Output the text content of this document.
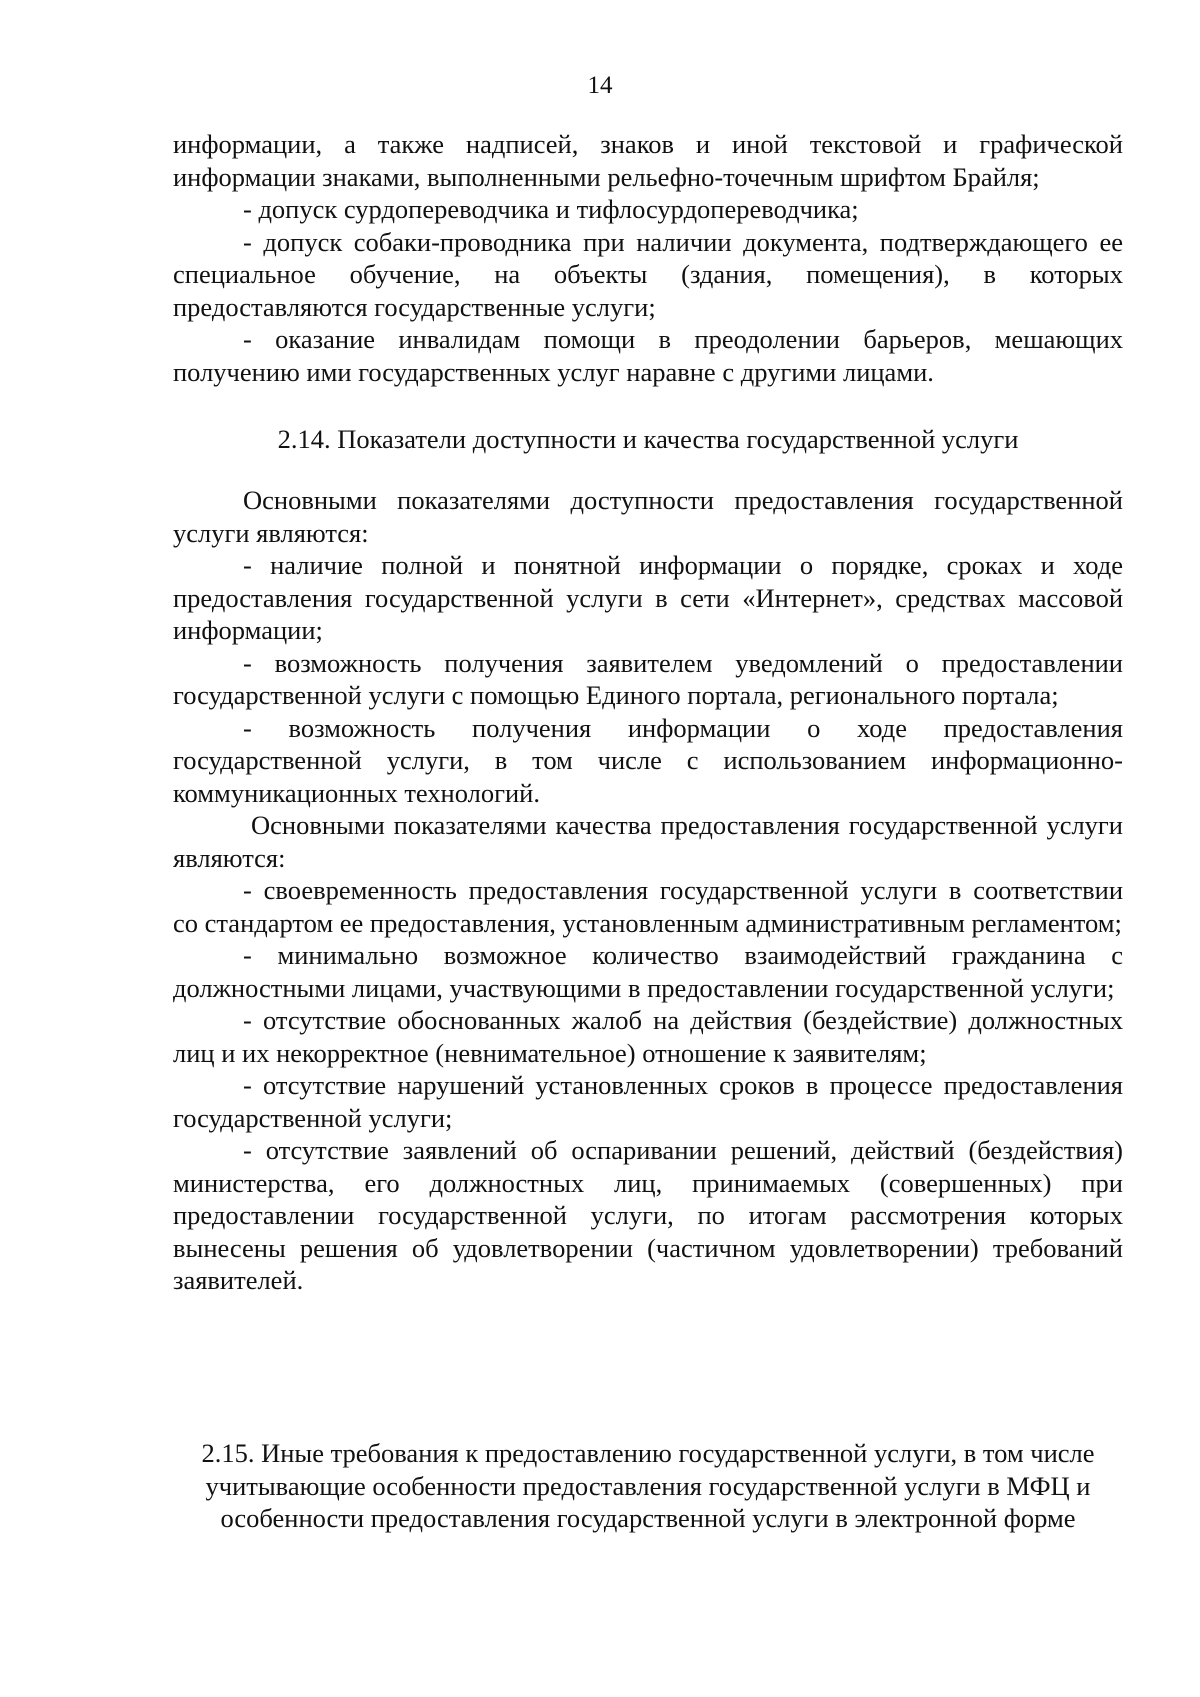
14

информации, а также надписей, знаков и иной текстовой и графической информации знаками, выполненными рельефно-точечным шрифтом Брайля;

- допуск сурдопереводчика и тифлосурдопереводчика;

- допуск собаки-проводника при наличии документа, подтверждающего ее специальное обучение, на объекты (здания, помещения), в которых предоставляются государственные услуги;

- оказание инвалидам помощи в преодолении барьеров, мешающих получению ими государственных услуг наравне с другими лицами.

2.14. Показатели доступности и качества государственной услуги

Основными показателями доступности предоставления государственной услуги являются:

- наличие полной и понятной информации о порядке, сроках и ходе предоставления государственной услуги в сети «Интернет», средствах массовой информации;

- возможность получения заявителем уведомлений о предоставлении государственной услуги с помощью Единого портала, регионального портала;

- возможность получения информации о ходе предоставления государственной услуги, в том числе с использованием информационно-коммуникационных технологий.

Основными показателями качества предоставления государственной услуги являются:

- своевременность предоставления государственной услуги в соответствии со стандартом ее предоставления, установленным административным регламентом;

- минимально возможное количество взаимодействий гражданина с должностными лицами, участвующими в предоставлении государственной услуги;

- отсутствие обоснованных жалоб на действия (бездействие) должностных лиц и их некорректное (невнимательное) отношение к заявителям;

- отсутствие нарушений установленных сроков в процессе предоставления государственной услуги;

- отсутствие заявлений об оспаривании решений, действий (бездействия) министерства, его должностных лиц, принимаемых (совершенных) при предоставлении государственной услуги, по итогам рассмотрения которых вынесены решения об удовлетворении (частичном удовлетворении) требований заявителей.

2.15. Иные требования к предоставлению государственной услуги, в том числе учитывающие особенности предоставления государственной услуги в МФЦ и особенности предоставления государственной услуги в электронной форме
